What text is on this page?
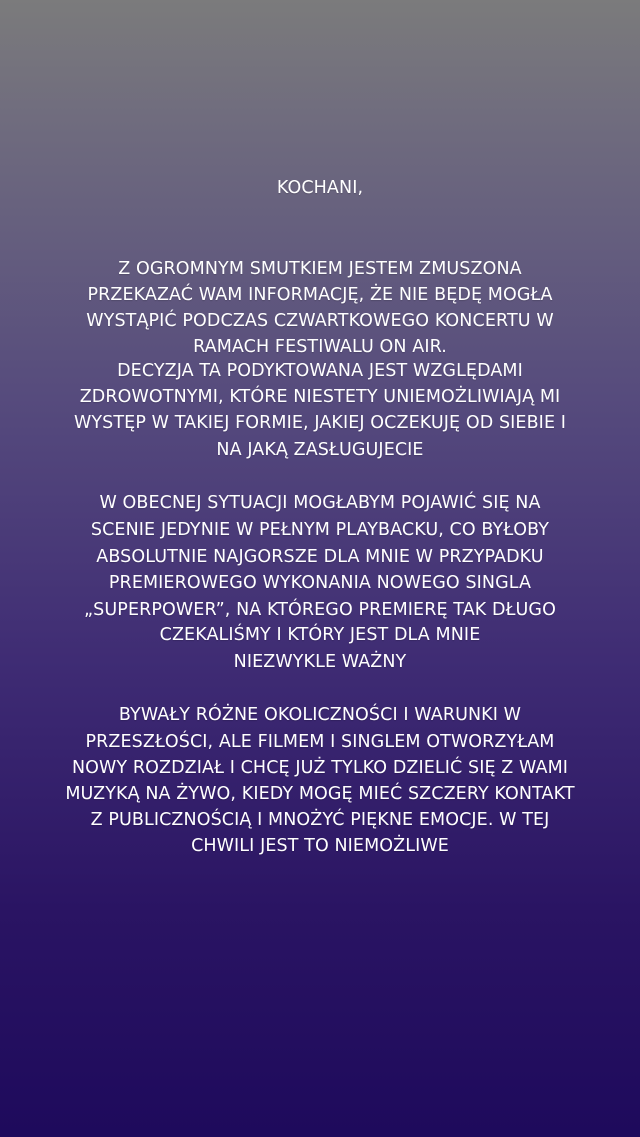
KOCHANI,
Z OGROMNYM SMUTKIEM JESTEM ZMUSZONA
PRZEKAZAĆ WAM INFORMACJĘ, ŻE NIE BĘDĘ MOGŁA
WYSTĄPIĆ PODCZAS CZWARTKOWEGO KONCERTU W
RAMACH FESTIWALU ON AIR.
DECYZJA TA PODYKTOWANA JEST WZGLĘDAMI
ZDROWOTNYMI, KTÓRE NIESTETY UNIEMOŻLIWIAJĄ MI
WYSTĘP W TAKIEJ FORMIE, JAKIEJ OCZEKUJĘ OD SIEBIE I
NA JAKĄ ZASŁUGUJECIE
W OBECNEJ SYTUACJI MOGŁABYM POJAWIĆ SIĘ NA
SCENIE JEDYNIE W PEŁNYM PLAYBACKU, CO BYŁOBY
ABSOLUTNIE NAJGORSZE DLA MNIE W PRZYPADKU
PREMIEROWEGO WYKONANIA NOWEGO SINGLA
„SUPERPOWER”, NA KTÓREGO PREMIERĘ TAK DŁUGO
CZEKALIŚMY I KTÓRY JEST DLA MNIE
NIEZWYKLE WAŻNY
BYWAŁY RÓŻNE OKOLICZNOŚCI I WARUNKI W
PRZESZŁOŚCI, ALE FILMEM I SINGLEM OTWORZYŁAM
NOWY ROZDZIAŁ I CHCĘ JUŻ TYLKO DZIELIĆ SIĘ Z WAMI
MUZYKĄ NA ŻYWO, KIEDY MOGĘ MIEĆ SZCZERY KONTAKT
Z PUBLICZNOŚCIĄ I MNOŻYĆ PIĘKNE EMOCJE. W TEJ
CHWILI JEST TO NIEMOŻLIWE
